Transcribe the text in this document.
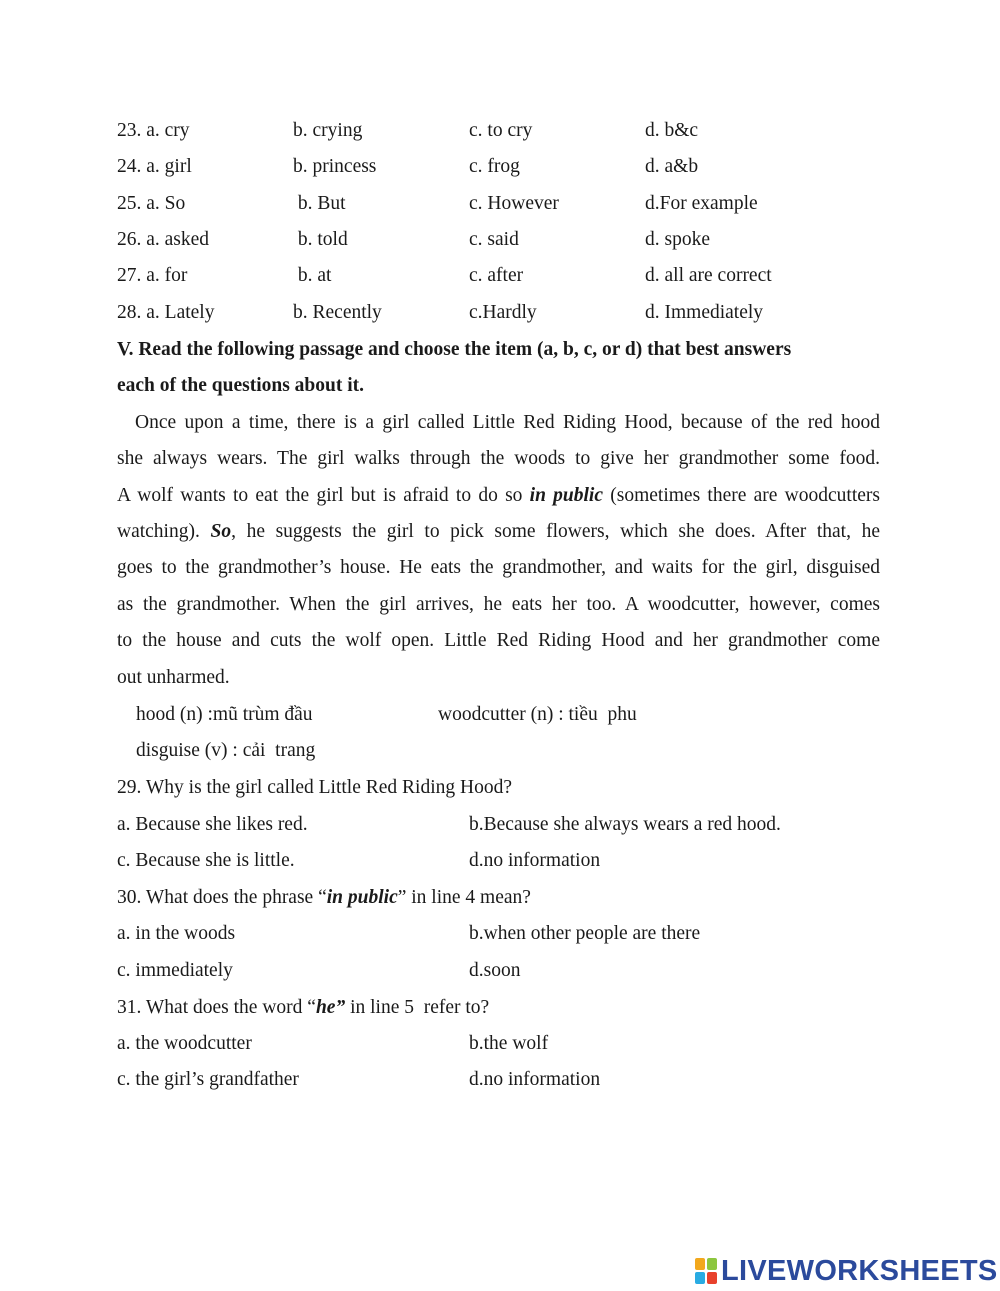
23. a. cry	b. crying	c. to cry	d. b&c
24. a. girl	b. princess	c. frog	d. a&b
25. a. So	b. But	c. However	d.For example
26. a. asked	b. told	c. said	d. spoke
27. a. for	b. at	c. after	d. all are correct
28. a. Lately	b. Recently	c.Hardly	d. Immediately
V. Read the following passage and choose the item (a, b, c, or d) that best answers
each of the questions about it.
Once upon a time, there is a girl called Little Red Riding Hood, because of the red hood
she always wears. The girl walks through the woods to give her grandmother some food.
A wolf wants to eat the girl but is afraid to do so in public (sometimes there are woodcutters
watching). So, he suggests the girl to pick some flowers, which she does. After that, he
goes to the grandmother’s house. He eats the grandmother, and waits for the girl, disguised
as the grandmother. When the girl arrives, he eats her too. A woodcutter, however, comes
to the house and cuts the wolf open. Little Red Riding Hood and her grandmother come
out unharmed.
hood (n) :mũ trùm đầu	woodcutter (n) : tiều  phu
disguise (v) : cải  trang
29. Why is the girl called Little Red Riding Hood?
a. Because she likes red.	b.Because she always wears a red hood.
c. Because she is little.	d.no information
30. What does the phrase “in public” in line 4 mean?
a. in the woods	b.when other people are there
c. immediately	d.soon
31. What does the word “he” in line 5  refer to?
a. the woodcutter	b.the wolf
c. the girl’s grandfather	d.no information
LIVEWORKSHEETS
